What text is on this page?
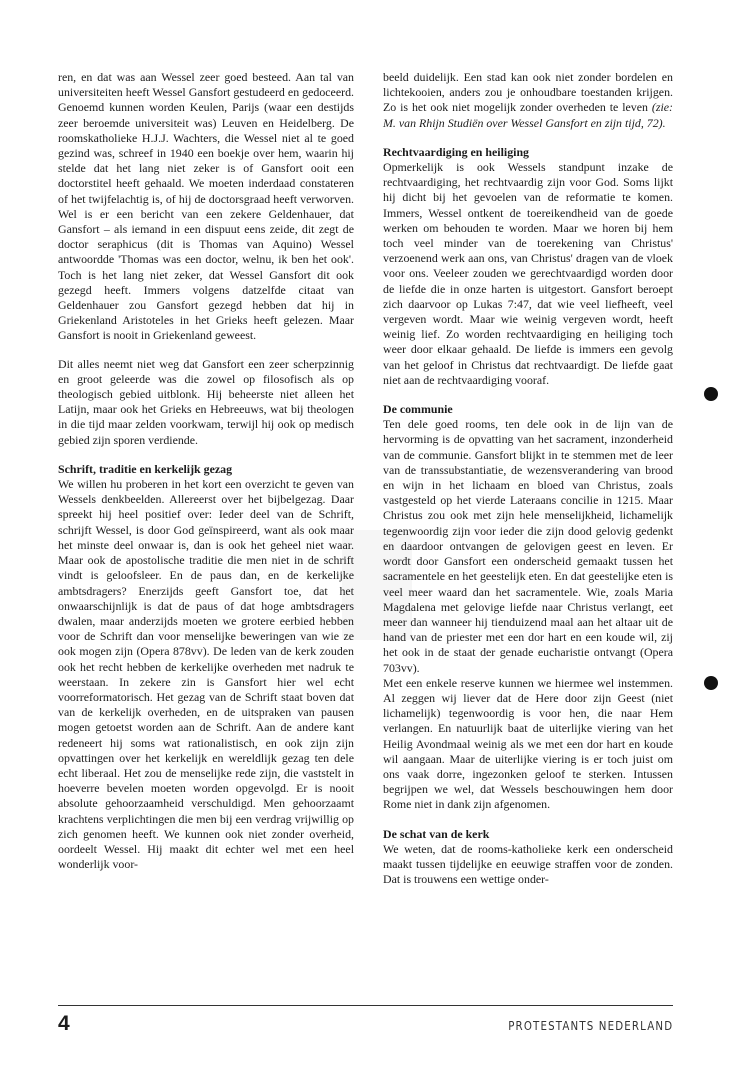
ren, en dat was aan Wessel zeer goed besteed. Aan tal van universiteiten heeft Wessel Gansfort gestudeerd en gedoceerd. Genoemd kunnen worden Keulen, Parijs (waar een destijds zeer beroemde universiteit was) Leuven en Heidelberg. De roomskatholieke H.J.J. Wachters, die Wessel niet al te goed gezind was, schreef in 1940 een boekje over hem, waarin hij stelde dat het lang niet zeker is of Gansfort ooit een doctorstitel heeft gehaald. We moeten inderdaad constateren of het twijfelachtig is, of hij de doctorsgraad heeft verworven. Wel is er een bericht van een zekere Geldenhauer, dat Gansfort – als iemand in een dispuut eens zeide, dit zegt de doctor seraphicus (dit is Thomas van Aquino) Wessel antwoordde 'Thomas was een doctor, welnu, ik ben het ook'. Toch is het lang niet zeker, dat Wessel Gansfort dit ook gezegd heeft. Immers volgens datzelfde citaat van Geldenhauer zou Gansfort gezegd hebben dat hij in Griekenland Aristoteles in het Grieks heeft gelezen. Maar Gansfort is nooit in Griekenland geweest.

Dit alles neemt niet weg dat Gansfort een zeer scherpzinnig en groot geleerde was die zowel op filosofisch als op theologisch gebied uitblonk. Hij beheerste niet alleen het Latijn, maar ook het Grieks en Hebreeuws, wat bij theologen in die tijd maar zelden voorkwam, terwijl hij ook op medisch gebied zijn sporen verdiende.

Schrift, traditie en kerkelijk gezag

We willen hu proberen in het kort een overzicht te geven van Wessels denkbeelden. Allereerst over het bijbelgezag. Daar spreekt hij heel positief over: Ieder deel van de Schrift, schrijft Wessel, is door God geïnspireerd, want als ook maar het minste deel onwaar is, dan is ook het geheel niet waar. Maar ook de apostolische traditie die men niet in de schrift vindt is geloofsleer. En de paus dan, en de kerkelijke ambtsdragers? Enerzijds geeft Gansfort toe, dat het onwaarschijnlijk is dat de paus of dat hoge ambtsdragers dwalen, maar anderzijds moeten we grotere eerbied hebben voor de Schrift dan voor menselijke beweringen van wie ze ook mogen zijn (Opera 878vv). De leden van de kerk zouden ook het recht hebben de kerkelijke overheden met nadruk te weerstaan. In zekere zin is Gansfort hier wel echt voorreformatorisch. Het gezag van de Schrift staat boven dat van de kerkelijk overheden, en de uitspraken van pausen mogen getoetst worden aan de Schrift. Aan de andere kant redeneert hij soms wat rationalistisch, en ook zijn zijn opvattingen over het kerkelijk en wereldlijk gezag ten dele echt liberaal. Het zou de menselijke rede zijn, die vaststelt in hoeverre bevelen moeten worden opgevolgd. Er is nooit absolute gehoorzaamheid verschuldigd. Men gehoorzaamt krachtens verplichtingen die men bij een verdrag vrijwillig op zich genomen heeft. We kunnen ook niet zonder overheid, oordeelt Wessel. Hij maakt dit echter wel met een heel wonderlijk voor-

beeld duidelijk. Een stad kan ook niet zonder bordelen en lichtekooien, anders zou je onhoudbare toestanden krijgen. Zo is het ook niet mogelijk zonder overheden te leven (zie: M. van Rhijn Studiën over Wessel Gansfort en zijn tijd, 72).

Rechtvaardiging en heiliging

Opmerkelijk is ook Wessels standpunt inzake de rechtvaardiging, het rechtvaardig zijn voor God. Soms lijkt hij dicht bij het gevoelen van de reformatie te komen. Immers, Wessel ontkent de toereikendheid van de goede werken om behouden te worden. Maar we horen bij hem toch veel minder van de toerekening van Christus' verzoenend werk aan ons, van Christus' dragen van de vloek voor ons. Veeleer zouden we gerechtvaardigd worden door de liefde die in onze harten is uitgestort. Gansfort beroept zich daarvoor op Lukas 7:47, dat wie veel liefheeft, veel vergeven wordt. Maar wie weinig vergeven wordt, heeft weinig lief. Zo worden rechtvaardiging en heiliging toch weer door elkaar gehaald. De liefde is immers een gevolg van het geloof in Christus dat rechtvaardigt. De liefde gaat niet aan de rechtvaardiging vooraf.

De communie

Ten dele goed rooms, ten dele ook in de lijn van de hervorming is de opvatting van het sacrament, inzonderheid van de communie. Gansfort blijkt in te stemmen met de leer van de transsubstantiatie, de wezensverandering van brood en wijn in het lichaam en bloed van Christus, zoals vastgesteld op het vierde Lateraans concilie in 1215. Maar Christus zou ook met zijn hele menselijkheid, lichamelijk tegenwoordig zijn voor ieder die zijn dood gelovig gedenkt en daardoor ontvangen de gelovigen geest en leven. Er wordt door Gansfort een onderscheid gemaakt tussen het sacramentele en het geestelijk eten. En dat geestelijke eten is veel meer waard dan het sacramentele. Wie, zoals Maria Magdalena met gelovige liefde naar Christus verlangt, eet meer dan wanneer hij tienduizend maal aan het altaar uit de hand van de priester met een dor hart en een koude wil, zij het ook in de staat der genade eucharistie ontvangt (Opera 703vv).

Met een enkele reserve kunnen we hiermee wel instemmen. Al zeggen wij liever dat de Here door zijn Geest (niet lichamelijk) tegenwoordig is voor hen, die naar Hem verlangen. En natuurlijk baat de uiterlijke viering van het Heilig Avondmaal weinig als we met een dor hart en koude wil aangaan. Maar de uiterlijke viering is er toch juist om ons vaak dorre, ingezonken geloof te sterken. Intussen begrijpen we wel, dat Wessels beschouwingen hem door Rome niet in dank zijn afgenomen.

De schat van de kerk

We weten, dat de rooms-katholieke kerk een onderscheid maakt tussen tijdelijke en eeuwige straffen voor de zonden. Dat is trouwens een wettige onder-

4	PROTESTANTS NEDERLAND
